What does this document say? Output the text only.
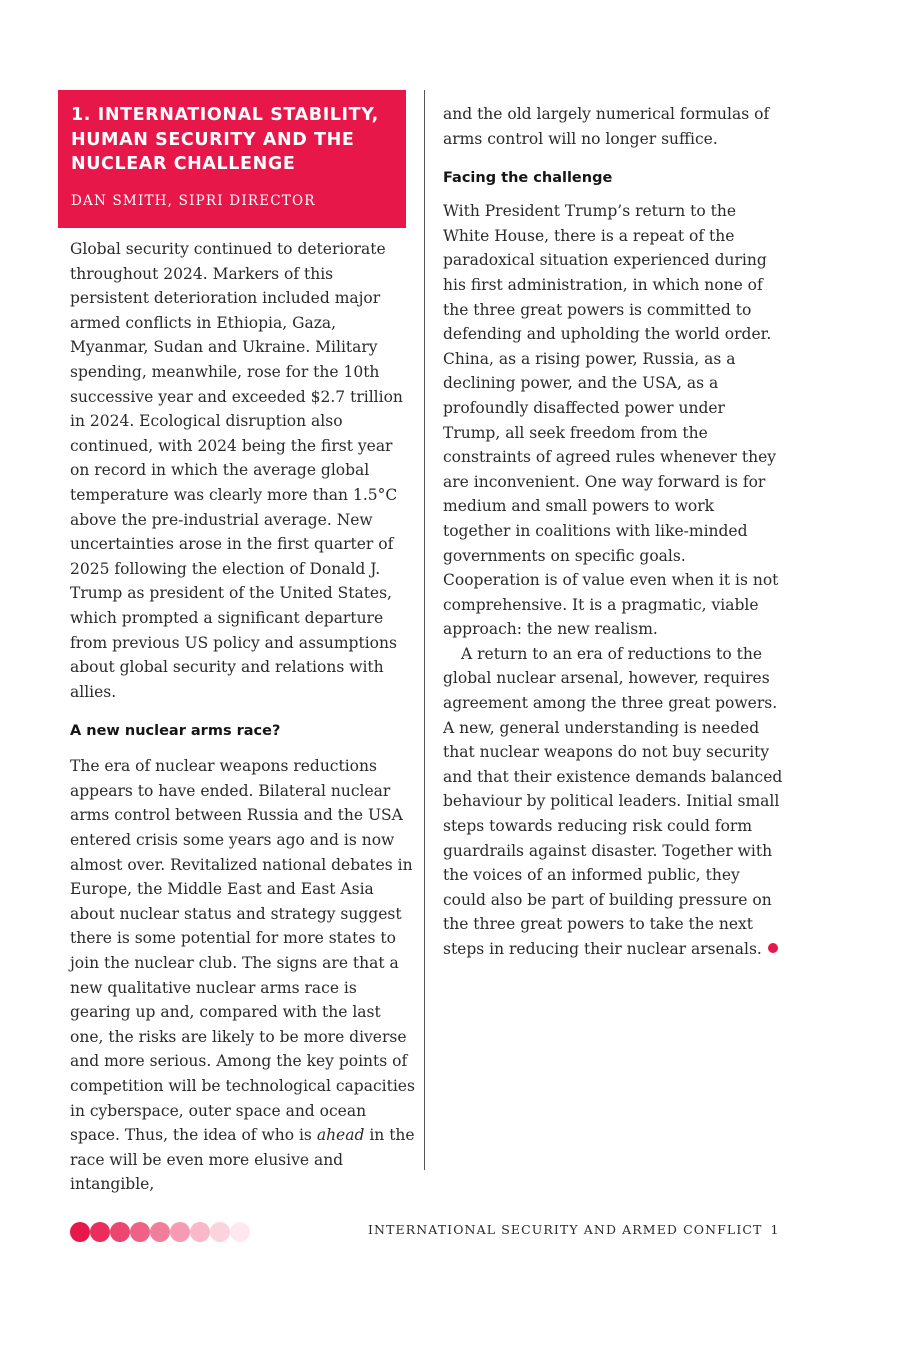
1. INTERNATIONAL STABILITY,
HUMAN SECURITY AND THE
NUCLEAR CHALLENGE
DAN SMITH, SIPRI DIRECTOR

Global security continued to deteriorate throughout 2024. Markers of this persistent deterioration included major armed conflicts in Ethiopia, Gaza, Myanmar, Sudan and Ukraine. Military spending, meanwhile, rose for the 10th successive year and exceeded $2.7 trillion in 2024. Ecological disruption also continued, with 2024 being the first year on record in which the average global temperature was clearly more than 1.5°C above the pre-industrial average. New uncertainties arose in the first quarter of 2025 following the election of Donald J. Trump as president of the United States, which prompted a significant departure from previous US policy and assumptions about global security and relations with allies.

A new nuclear arms race?

The era of nuclear weapons reductions appears to have ended. Bilateral nuclear arms control between Russia and the USA entered crisis some years ago and is now almost over. Revitalized national debates in Europe, the Middle East and East Asia about nuclear status and strategy suggest there is some potential for more states to join the nuclear club. The signs are that a new qualitative nuclear arms race is gearing up and, compared with the last one, the risks are likely to be more diverse and more serious. Among the key points of competition will be technological capacities in cyberspace, outer space and ocean space. Thus, the idea of who is ahead in the race will be even more elusive and intangible,

and the old largely numerical formulas of arms control will no longer suffice.

Facing the challenge

With President Trump’s return to the White House, there is a repeat of the paradoxical situation experienced during his first administration, in which none of the three great powers is committed to defending and upholding the world order. China, as a rising power, Russia, as a declining power, and the USA, as a profoundly disaffected power under Trump, all seek freedom from the constraints of agreed rules whenever they are inconvenient. One way forward is for medium and small powers to work together in coalitions with like-minded governments on specific goals. Cooperation is of value even when it is not comprehensive. It is a pragmatic, viable approach: the new realism.

A return to an era of reductions to the global nuclear arsenal, however, requires agreement among the three great powers. A new, general understanding is needed that nuclear weapons do not buy security and that their existence demands balanced behaviour by political leaders. Initial small steps towards reducing risk could form guardrails against disaster. Together with the voices of an informed public, they could also be part of building pressure on the three great powers to take the next steps in reducing their nuclear arsenals.

INTERNATIONAL SECURITY AND ARMED CONFLICT 1
